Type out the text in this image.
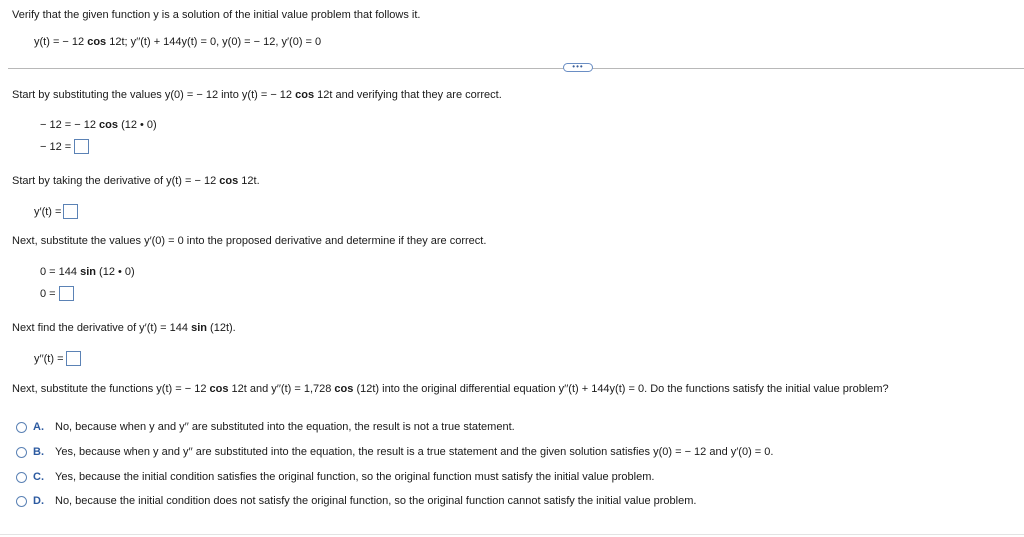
Verify that the given function y is a solution of the initial value problem that follows it.
y(t) = − 12 cos 12t; y′′(t) + 144y(t) = 0, y(0) = − 12, y′(0) = 0
•••
Start by substituting the values y(0) = − 12 into y(t) = − 12 cos 12t and verifying that they are correct.
− 12 = − 12 cos (12 • 0)
− 12 =
Start by taking the derivative of y(t) = − 12 cos 12t.
y′(t) =
Next, substitute the values y′(0) = 0 into the proposed derivative and determine if they are correct.
0 = 144 sin (12 • 0)
0 =
Next find the derivative of y′(t) = 144 sin (12t).
y′′(t) =
Next, substitute the functions y(t) = − 12 cos 12t and y′′(t) = 1,728 cos (12t) into the original differential equation y′′(t) + 144y(t) = 0. Do the functions satisfy the initial value problem?
A.	No, because when y and y′′ are substituted into the equation, the result is not a true statement.
B.	Yes, because when y and y′′ are substituted into the equation, the result is a true statement and the given solution satisfies y(0) = − 12 and y′(0) = 0.
C.	Yes, because the initial condition satisfies the original function, so the original function must satisfy the initial value problem.
D.	No, because the initial condition does not satisfy the original function, so the original function cannot satisfy the initial value problem.
